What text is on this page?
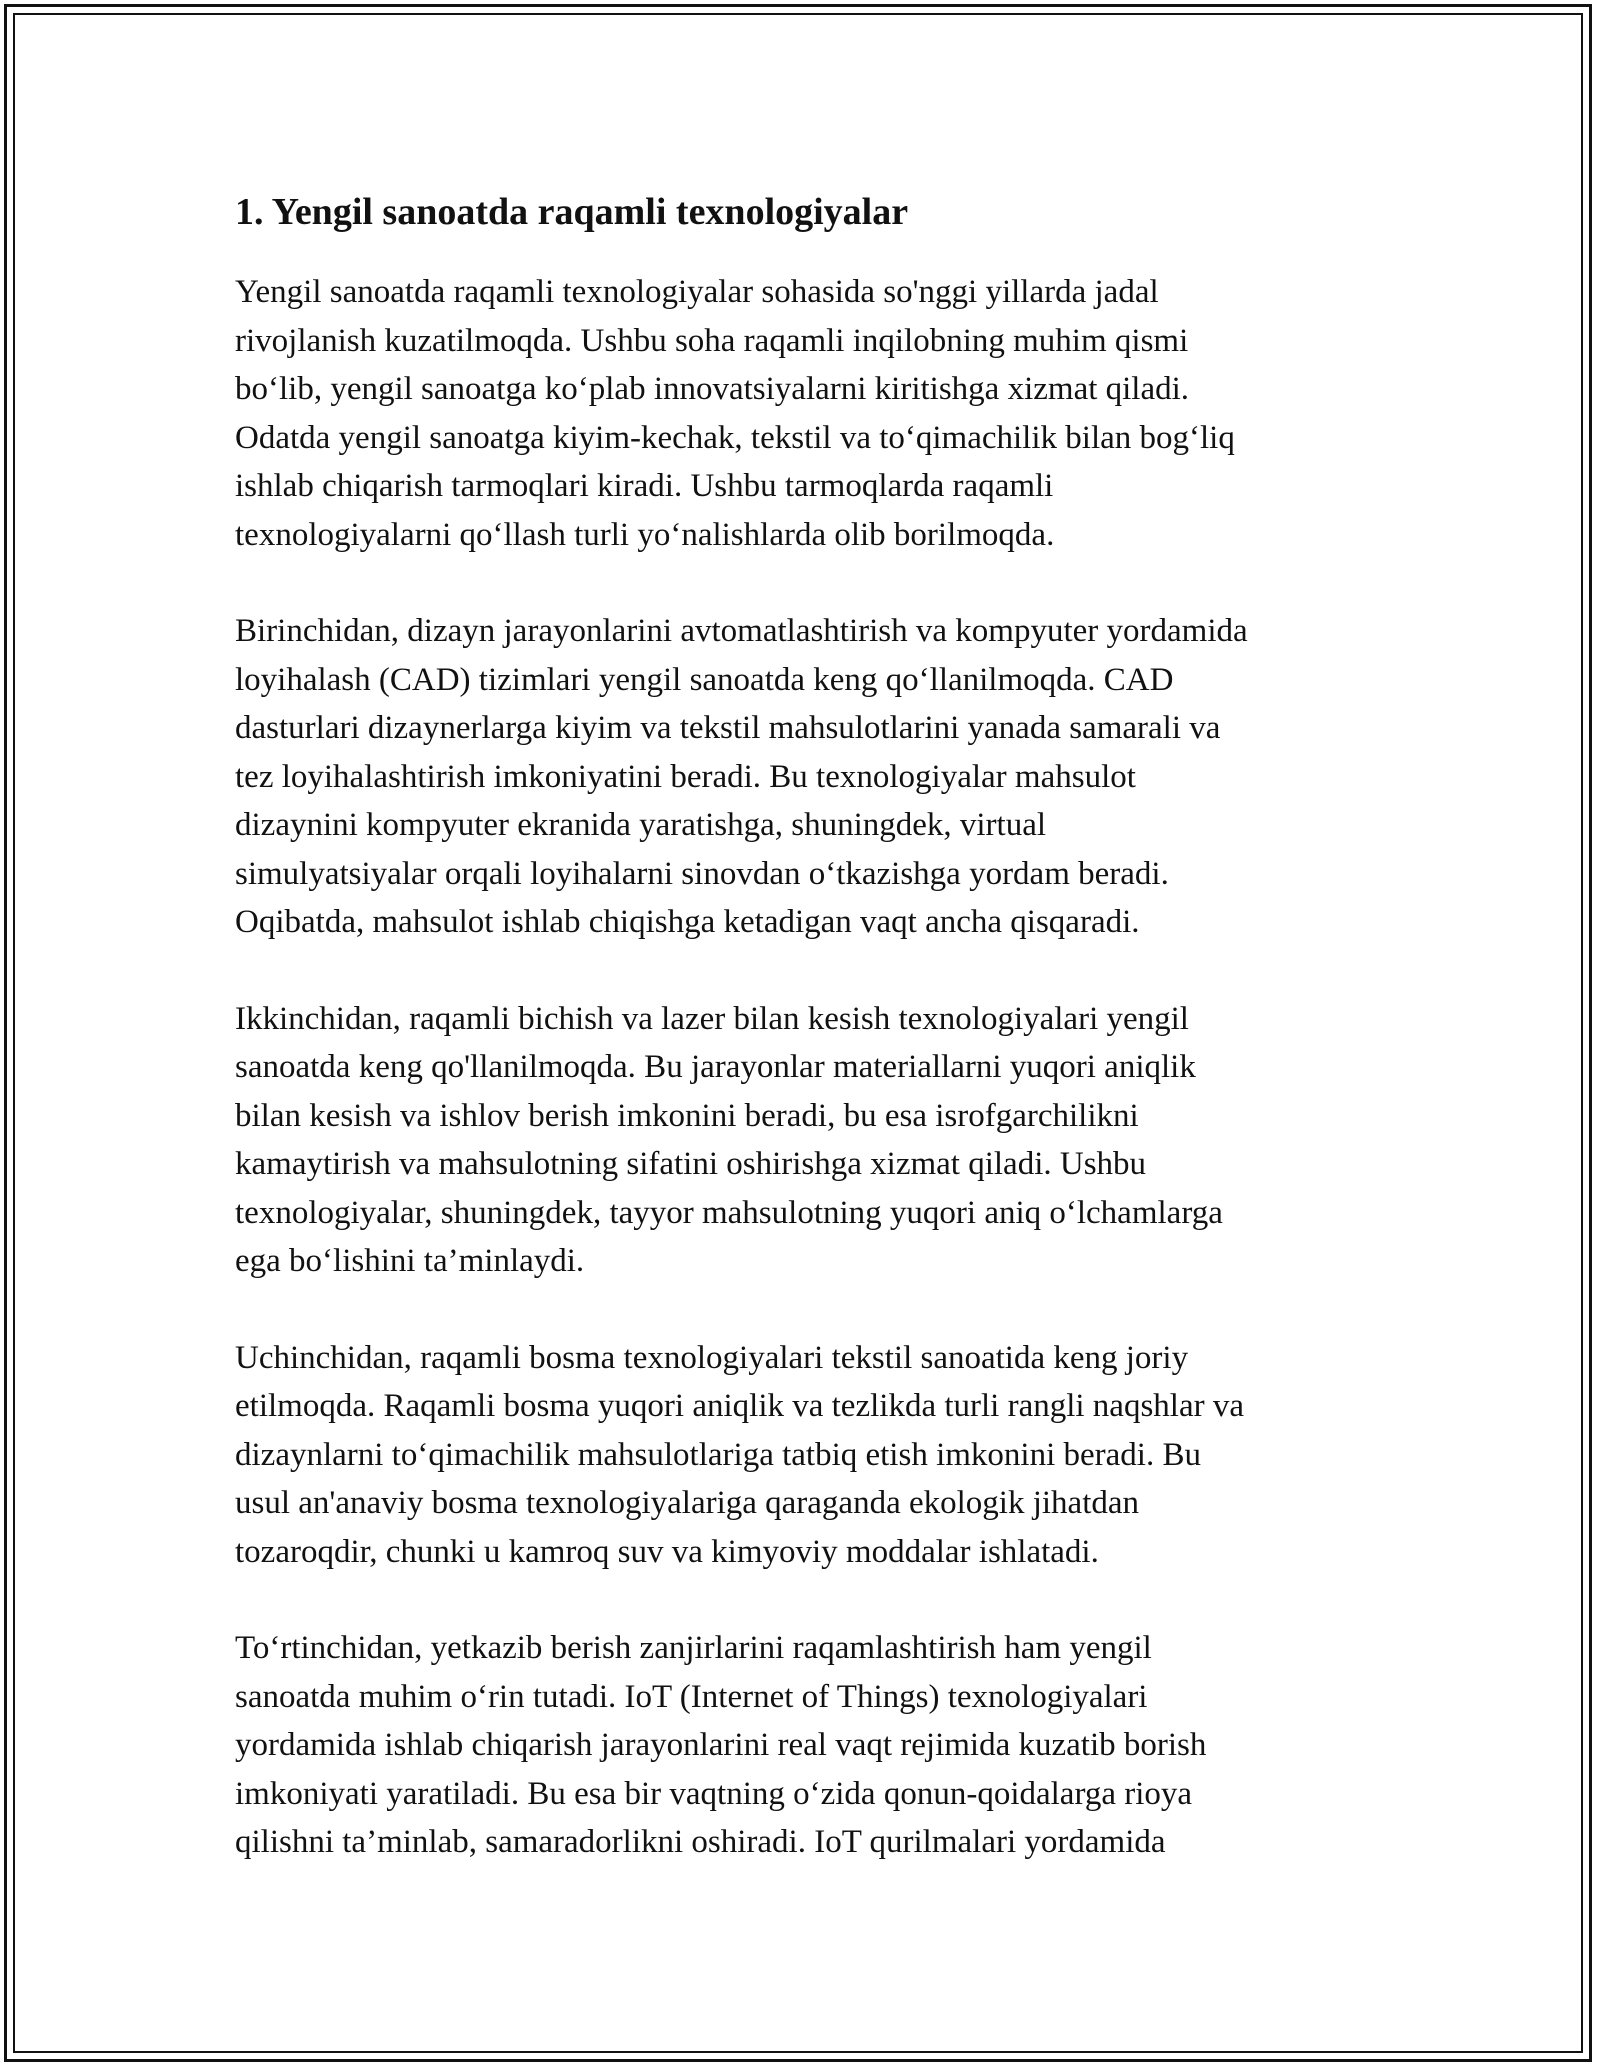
1. Yengil sanoatda raqamli texnologiyalar

Yengil sanoatda raqamli texnologiyalar sohasida so'nggi yillarda jadal
rivojlanish kuzatilmoqda. Ushbu soha raqamli inqilobning muhim qismi
bo‘lib, yengil sanoatga ko‘plab innovatsiyalarni kiritishga xizmat qiladi.
Odatda yengil sanoatga kiyim-kechak, tekstil va to‘qimachilik bilan bog‘liq
ishlab chiqarish tarmoqlari kiradi. Ushbu tarmoqlarda raqamli
texnologiyalarni qo‘llash turli yo‘nalishlarda olib borilmoqda.

Birinchidan, dizayn jarayonlarini avtomatlashtirish va kompyuter yordamida
loyihalash (CAD) tizimlari yengil sanoatda keng qo‘llanilmoqda. CAD
dasturlari dizaynerlarga kiyim va tekstil mahsulotlarini yanada samarali va
tez loyihalashtirish imkoniyatini beradi. Bu texnologiyalar mahsulot
dizaynini kompyuter ekranida yaratishga, shuningdek, virtual
simulyatsiyalar orqali loyihalarni sinovdan o‘tkazishga yordam beradi.
Oqibatda, mahsulot ishlab chiqishga ketadigan vaqt ancha qisqaradi.

Ikkinchidan, raqamli bichish va lazer bilan kesish texnologiyalari yengil
sanoatda keng qo'llanilmoqda. Bu jarayonlar materiallarni yuqori aniqlik
bilan kesish va ishlov berish imkonini beradi, bu esa isrofgarchilikni
kamaytirish va mahsulotning sifatini oshirishga xizmat qiladi. Ushbu
texnologiyalar, shuningdek, tayyor mahsulotning yuqori aniq o‘lchamlarga
ega bo‘lishini ta’minlaydi.

Uchinchidan, raqamli bosma texnologiyalari tekstil sanoatida keng joriy
etilmoqda. Raqamli bosma yuqori aniqlik va tezlikda turli rangli naqshlar va
dizaynlarni to‘qimachilik mahsulotlariga tatbiq etish imkonini beradi. Bu
usul an'anaviy bosma texnologiyalariga qaraganda ekologik jihatdan
tozaroqdir, chunki u kamroq suv va kimyoviy moddalar ishlatadi.

To‘rtinchidan, yetkazib berish zanjirlarini raqamlashtirish ham yengil
sanoatda muhim o‘rin tutadi. IoT (Internet of Things) texnologiyalari
yordamida ishlab chiqarish jarayonlarini real vaqt rejimida kuzatib borish
imkoniyati yaratiladi. Bu esa bir vaqtning o‘zida qonun-qoidalarga rioya
qilishni ta’minlab, samaradorlikni oshiradi. IoT qurilmalari yordamida
